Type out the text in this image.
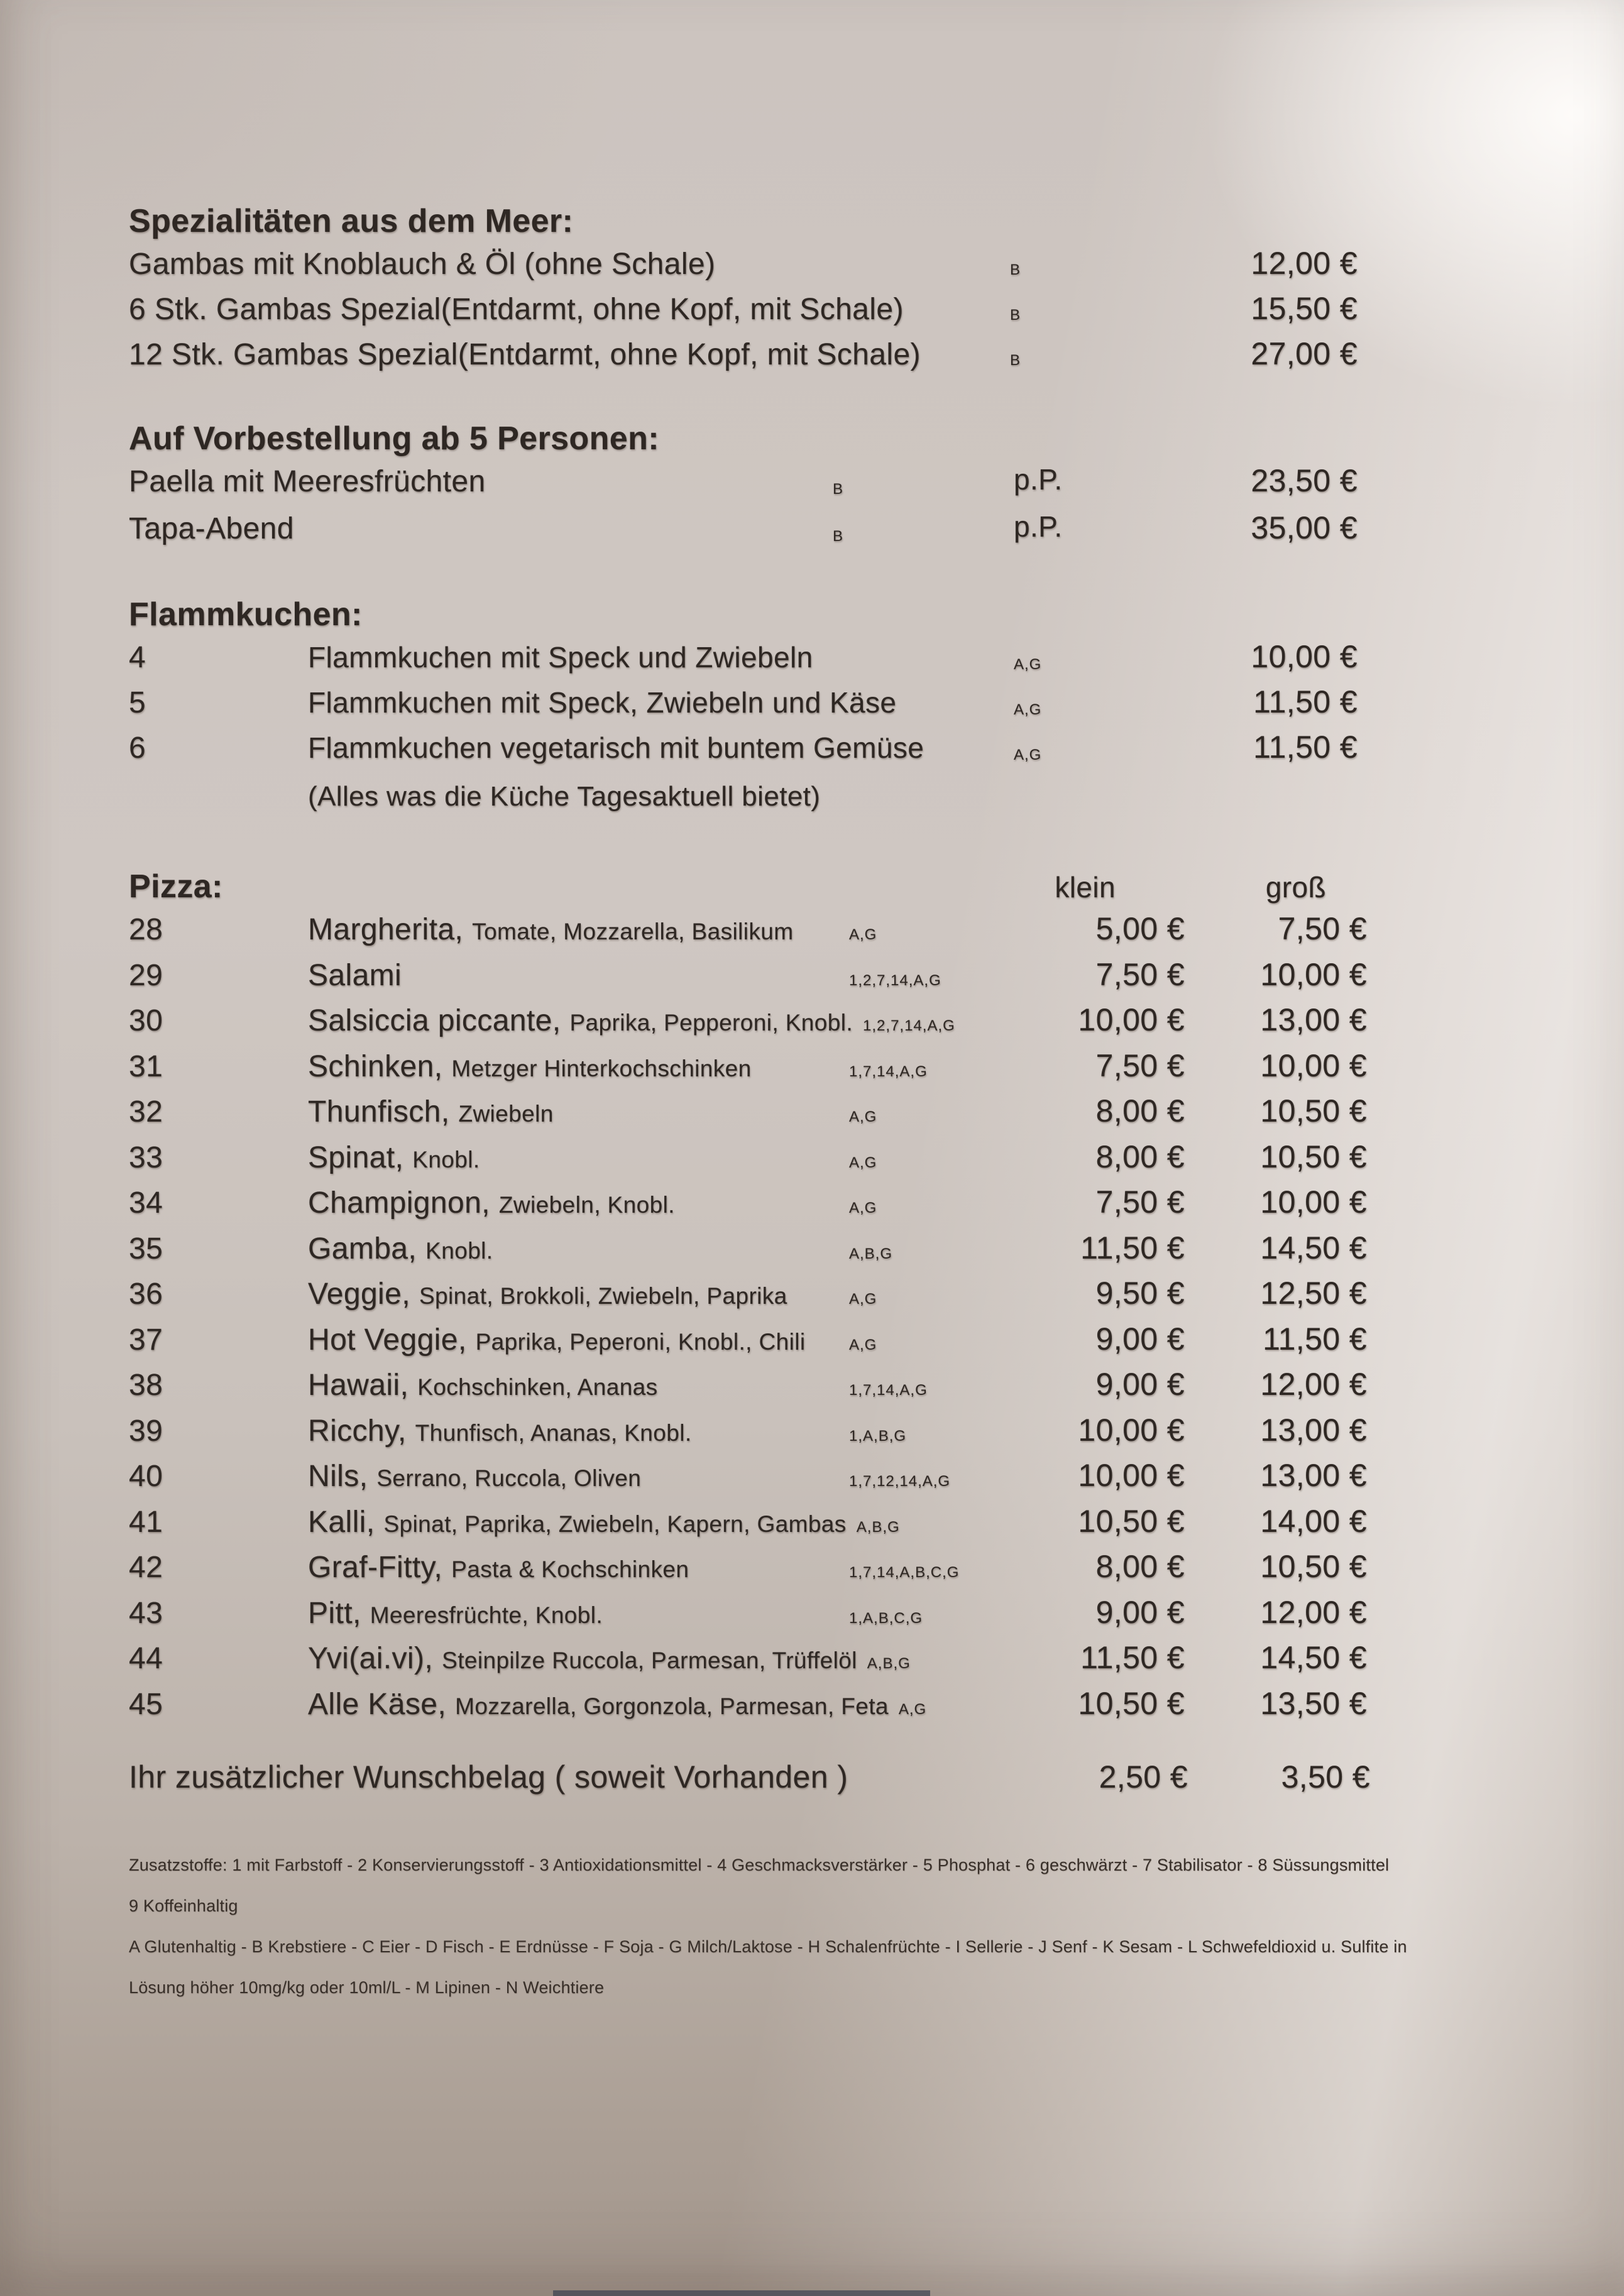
Spezialitäten aus dem Meer:
Gambas mit Knoblauch & Öl (ohne Schale)	B	12,00 €
6 Stk. Gambas Spezial(Entdarmt, ohne Kopf, mit Schale)	B	15,50 €
12 Stk. Gambas Spezial(Entdarmt, ohne Kopf, mit Schale)	B	27,00 €
Auf Vorbestellung ab 5 Personen:
Paella mit Meeresfrüchten	B	p.P.	23,50 €
Tapa-Abend	B	p.P.	35,00 €
Flammkuchen:
4	Flammkuchen mit Speck und Zwiebeln	A,G	10,00 €
5	Flammkuchen mit Speck, Zwiebeln und Käse	A,G	11,50 €
6	Flammkuchen vegetarisch mit buntem Gemüse	A,G	11,50 €
(Alles was die Küche Tagesaktuell bietet)
Pizza:	klein	groß
28	Margherita, Tomate, Mozzarella, Basilikum	A,G	5,00 €	7,50 €
29	Salami	1,2,7,14,A,G	7,50 €	10,00 €
30	Salsiccia piccante, Paprika, Pepperoni, Knobl. 1,2,7,14,A,G	10,00 €	13,00 €
31	Schinken, Metzger Hinterkochschinken	1,7,14,A,G	7,50 €	10,00 €
32	Thunfisch, Zwiebeln	A,G	8,00 €	10,50 €
33	Spinat, Knobl.	A,G	8,00 €	10,50 €
34	Champignon, Zwiebeln, Knobl.	A,G	7,50 €	10,00 €
35	Gamba, Knobl.	A,B,G	11,50 €	14,50 €
36	Veggie, Spinat, Brokkoli, Zwiebeln, Paprika	A,G	9,50 €	12,50 €
37	Hot Veggie, Paprika, Peperoni, Knobl., Chili	A,G	9,00 €	11,50 €
38	Hawaii, Kochschinken, Ananas	1,7,14,A,G	9,00 €	12,00 €
39	Ricchy, Thunfisch, Ananas, Knobl.	1,A,B,G	10,00 €	13,00 €
40	Nils, Serrano, Ruccola, Oliven	1,7,12,14,A,G	10,00 €	13,00 €
41	Kalli, Spinat, Paprika, Zwiebeln, Kapern, Gambas A,B,G	10,50 €	14,00 €
42	Graf-Fitty, Pasta & Kochschinken	1,7,14,A,B,C,G	8,00 €	10,50 €
43	Pitt, Meeresfrüchte, Knobl.	1,A,B,C,G	9,00 €	12,00 €
44	Yvi(ai.vi), Steinpilze Ruccola, Parmesan, Trüffelöl A,B,G	11,50 €	14,50 €
45	Alle Käse, Mozzarella, Gorgonzola, Parmesan, Feta A,G	10,50 €	13,50 €
Ihr zusätzlicher Wunschbelag ( soweit Vorhanden )	2,50 €	3,50 €
Zusatzstoffe: 1 mit Farbstoff - 2 Konservierungsstoff - 3 Antioxidationsmittel - 4 Geschmacksverstärker - 5 Phosphat - 6 geschwärzt - 7 Stabilisator - 8 Süssungsmittel
9 Koffeinhaltig
A Glutenhaltig - B Krebstiere - C Eier - D Fisch - E Erdnüsse - F Soja - G Milch/Laktose - H Schalenfrüchte - I Sellerie - J Senf - K Sesam - L Schwefeldioxid u. Sulfite in
Lösung höher 10mg/kg oder 10ml/L - M Lipinen - N Weichtiere
